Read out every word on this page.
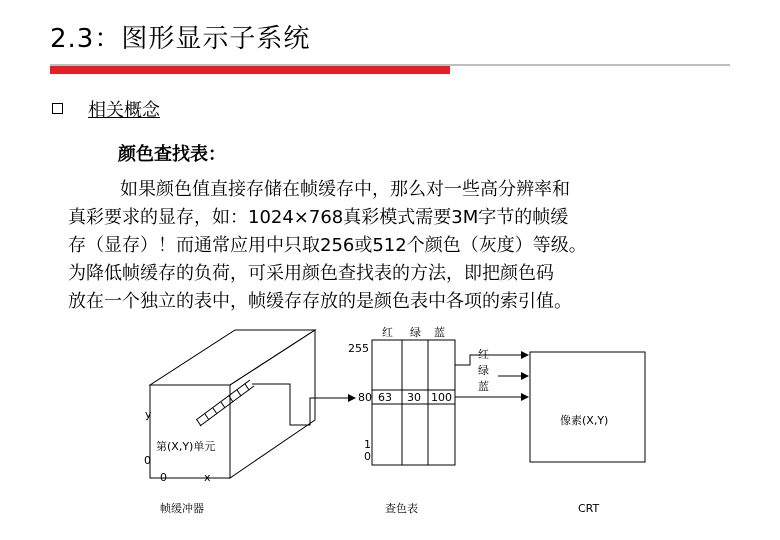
2.3：图形显示子系统
相关概念
颜色查找表：
如果颜色值直接存储在帧缓存中，那么对一些高分辨率和
真彩要求的显存，如：1024×768真彩模式需要3M字节的帧缓
存（显存）！而通常应用中只取256或512个颜色（灰度）等级。
为降低帧缓存的负荷，可采用颜色查找表的方法，即把颜色码
放在一个独立的表中，帧缓存存放的是颜色表中各项的索引值。
y
x
0
0
第(X,Y)单元
帧缓冲器
红 绿 蓝
255
80
1
0
63 30 100
查色表
红
绿
蓝
像素(X,Y)
CRT
